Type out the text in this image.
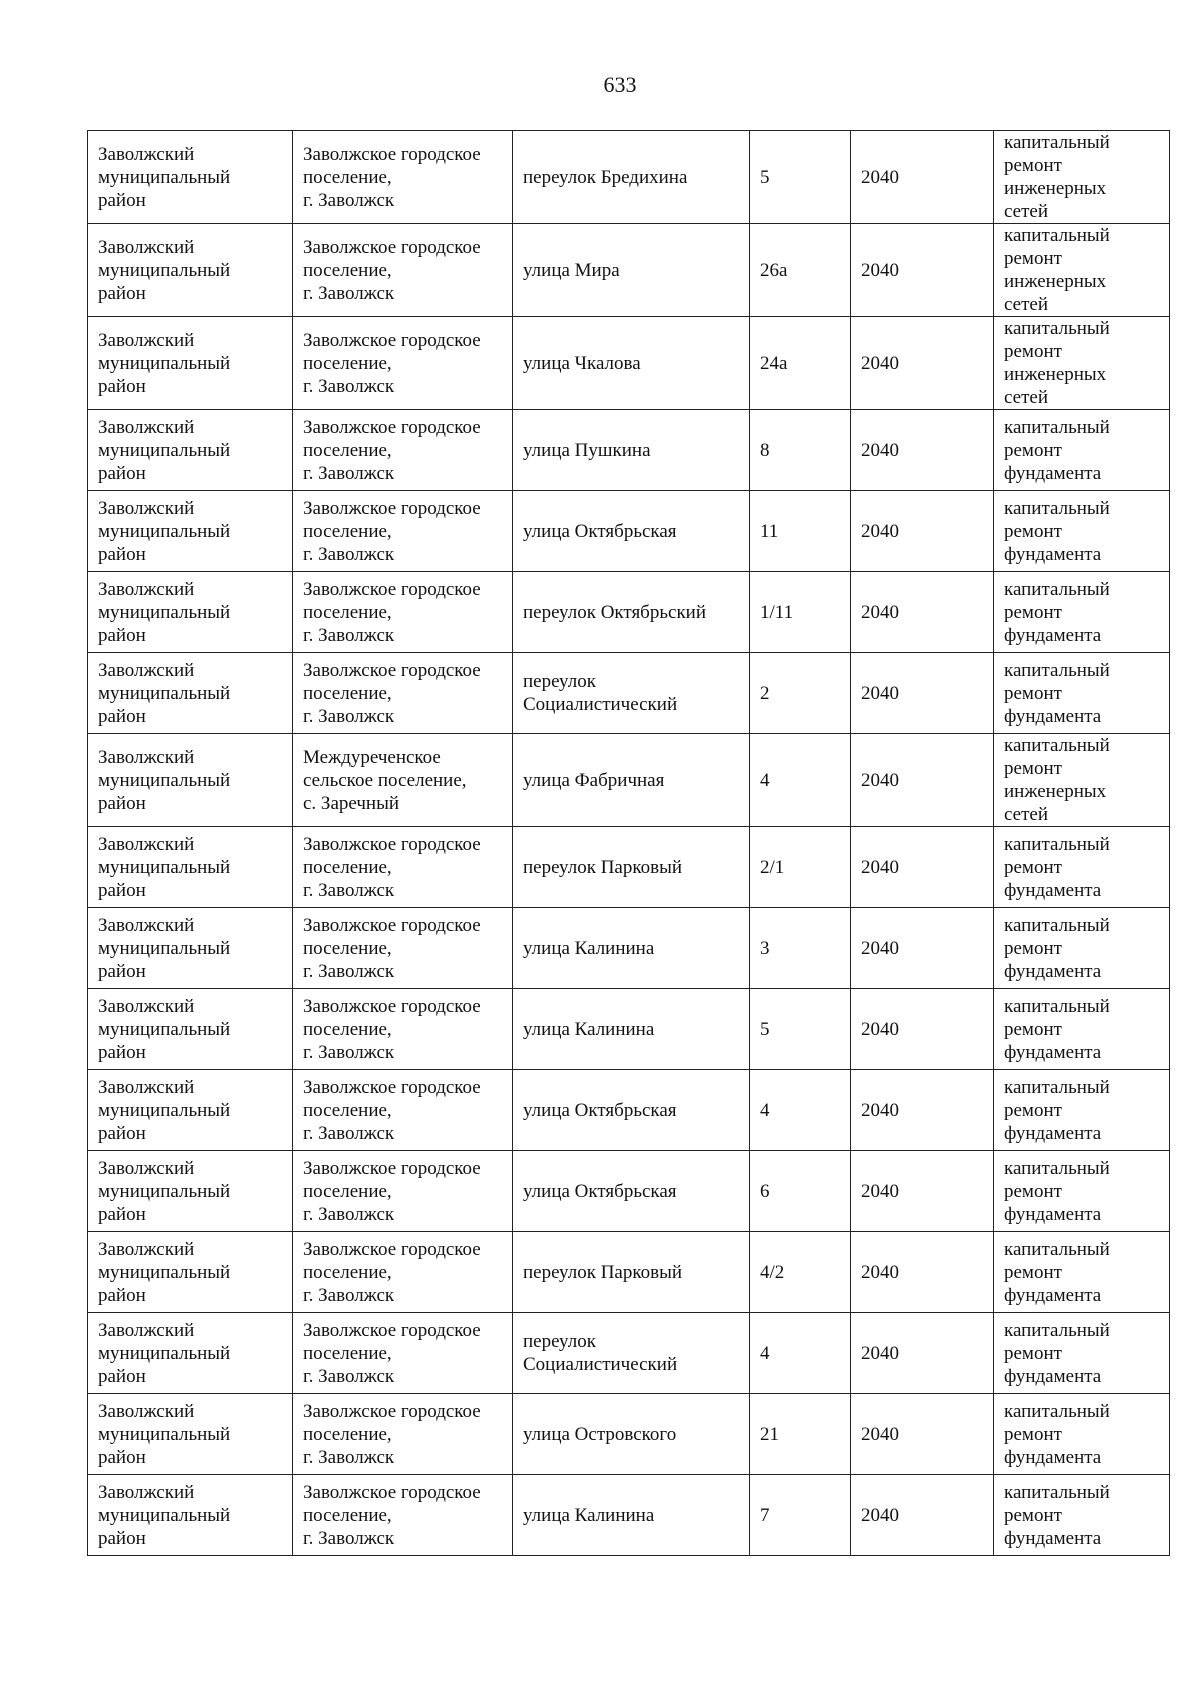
633
Заволжский
муниципальный
район	Заволжское городское
поселение,
г. Заволжск	переулок Бредихина	5	2040	капитальный
ремонт
инженерных
сетей
Заволжский
муниципальный
район	Заволжское городское
поселение,
г. Заволжск	улица Мира	26а	2040	капитальный
ремонт
инженерных
сетей
Заволжский
муниципальный
район	Заволжское городское
поселение,
г. Заволжск	улица Чкалова	24а	2040	капитальный
ремонт
инженерных
сетей
Заволжский
муниципальный
район	Заволжское городское
поселение,
г. Заволжск	улица Пушкина	8	2040	капитальный
ремонт
фундамента
Заволжский
муниципальный
район	Заволжское городское
поселение,
г. Заволжск	улица Октябрьская	11	2040	капитальный
ремонт
фундамента
Заволжский
муниципальный
район	Заволжское городское
поселение,
г. Заволжск	переулок Октябрьский	1/11	2040	капитальный
ремонт
фундамента
Заволжский
муниципальный
район	Заволжское городское
поселение,
г. Заволжск	переулок
Социалистический	2	2040	капитальный
ремонт
фундамента
Заволжский
муниципальный
район	Междуреченское
сельское поселение,
с. Заречный	улица Фабричная	4	2040	капитальный
ремонт
инженерных
сетей
Заволжский
муниципальный
район	Заволжское городское
поселение,
г. Заволжск	переулок Парковый	2/1	2040	капитальный
ремонт
фундамента
Заволжский
муниципальный
район	Заволжское городское
поселение,
г. Заволжск	улица Калинина	3	2040	капитальный
ремонт
фундамента
Заволжский
муниципальный
район	Заволжское городское
поселение,
г. Заволжск	улица Калинина	5	2040	капитальный
ремонт
фундамента
Заволжский
муниципальный
район	Заволжское городское
поселение,
г. Заволжск	улица Октябрьская	4	2040	капитальный
ремонт
фундамента
Заволжский
муниципальный
район	Заволжское городское
поселение,
г. Заволжск	улица Октябрьская	6	2040	капитальный
ремонт
фундамента
Заволжский
муниципальный
район	Заволжское городское
поселение,
г. Заволжск	переулок Парковый	4/2	2040	капитальный
ремонт
фундамента
Заволжский
муниципальный
район	Заволжское городское
поселение,
г. Заволжск	переулок
Социалистический	4	2040	капитальный
ремонт
фундамента
Заволжский
муниципальный
район	Заволжское городское
поселение,
г. Заволжск	улица Островского	21	2040	капитальный
ремонт
фундамента
Заволжский
муниципальный
район	Заволжское городское
поселение,
г. Заволжск	улица Калинина	7	2040	капитальный
ремонт
фундамента
